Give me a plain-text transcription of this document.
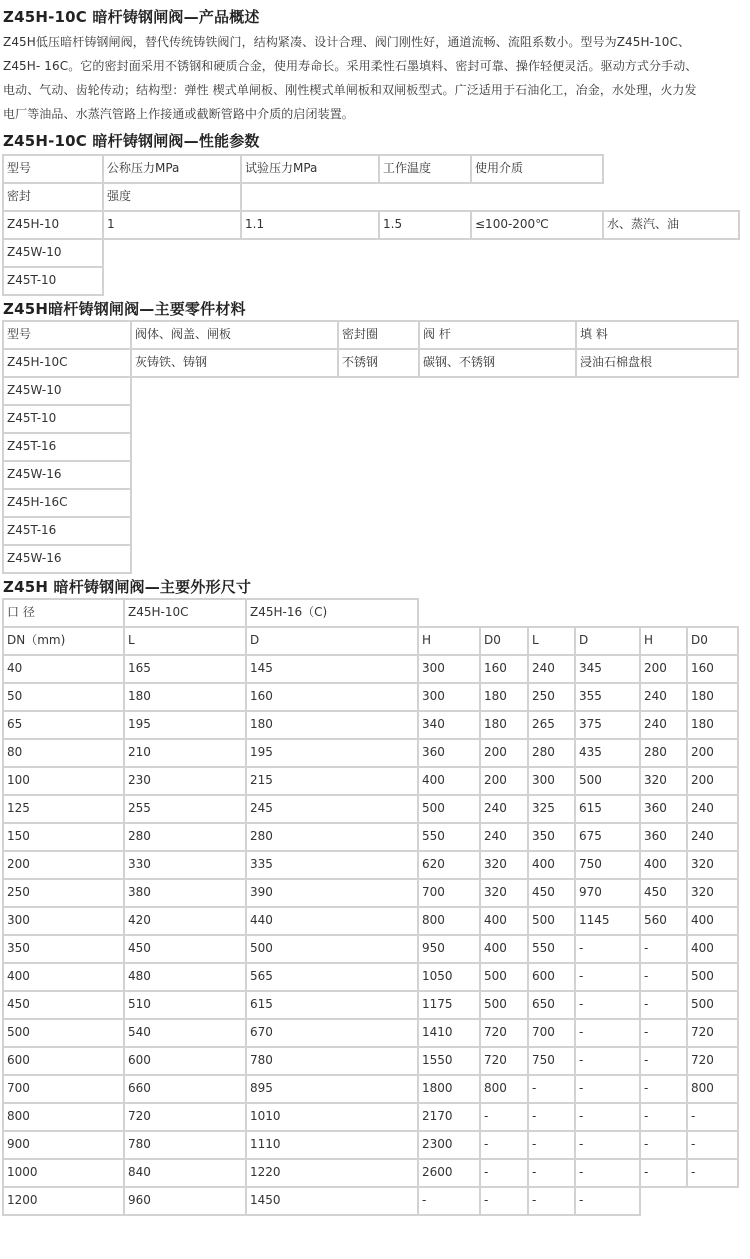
Z45H-10C 暗杆铸钢闸阀—产品概述
Z45H低压暗杆铸钢闸阀，替代传统铸铁阀门，结构紧凑、设计合理、阀门刚性好，通道流畅、流阻系数小。型号为Z45H-10C、
Z45H- 16C。它的密封面采用不锈钢和硬质合金，使用寿命长。采用柔性石墨填料、密封可靠、操作轻便灵活。驱动方式分手动、
电动、气动、齿轮传动；结构型：弹性 楔式单闸板、刚性楔式单闸板和双闸板型式。广泛适用于石油化工，冶金，水处理，火力发
电厂等油品、水蒸汽管路上作接通或截断管路中介质的启闭装置。
Z45H-10C 暗杆铸钢闸阀—性能参数
型号	公称压力MPa	试验压力MPa	工作温度	使用介质
密封	强度
Z45H-10	1	1.1	1.5	≤100-200℃	水、蒸汽、油
Z45W-10
Z45T-10
Z45H暗杆铸钢闸阀—主要零件材料
型号	阀体、阀盖、闸板	密封圈	阀 杆	填 料
Z45H-10C	灰铸铁、铸钢	不锈钢	碳钢、不锈钢	浸油石棉盘根
Z45W-10
Z45T-10
Z45T-16
Z45W-16
Z45H-16C
Z45T-16
Z45W-16
Z45H 暗杆铸钢闸阀—主要外形尺寸
口 径	Z45H-10C	Z45H-16（C)
DN（mm)	L	D	H	D0	L	D	H	D0
40	165	145	300	160	240	345	200	160
50	180	160	300	180	250	355	240	180
65	195	180	340	180	265	375	240	180
80	210	195	360	200	280	435	280	200
100	230	215	400	200	300	500	320	200
125	255	245	500	240	325	615	360	240
150	280	280	550	240	350	675	360	240
200	330	335	620	320	400	750	400	320
250	380	390	700	320	450	970	450	320
300	420	440	800	400	500	1145	560	400
350	450	500	950	400	550	-	-	400
400	480	565	1050	500	600	-	-	500
450	510	615	1175	500	650	-	-	500
500	540	670	1410	720	700	-	-	720
600	600	780	1550	720	750	-	-	720
700	660	895	1800	800	-	-	-	800
800	720	1010	2170	-	-	-	-	-
900	780	1110	2300	-	-	-	-	-
1000	840	1220	2600	-	-	-	-	-
1200	960	1450	-	-	-	-
